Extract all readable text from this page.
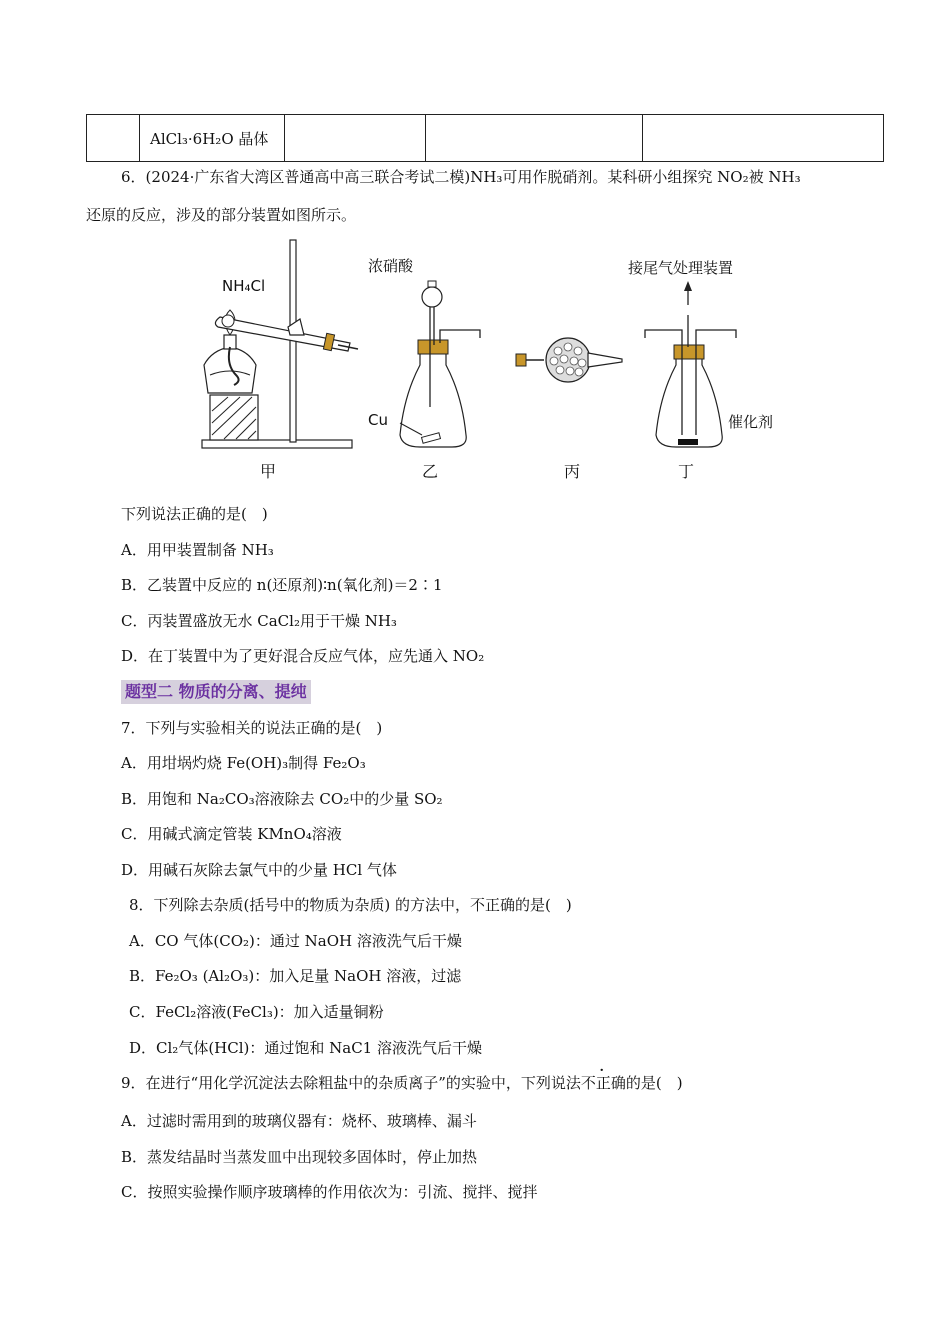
	AlCl₃·6H₂O 晶体			
6．(2024·广东省大湾区普通高中高三联合考试二模)NH₃可用作脱硝剂。某科研小组探究 NO₂被 NH₃
还原的反应，涉及的部分装置如图所示。
NH₄Cl
甲
浓硝酸
Cu
乙	丙
接尾气处理装置
催化剂
丁
下列说法正确的是(　)
A．用甲装置制备 NH₃
B．乙装置中反应的 n(还原剂)∶n(氧化剂)＝2∶1
C．丙装置盛放无水 CaCl₂用于干燥 NH₃
D．在丁装置中为了更好混合反应气体，应先通入 NO₂
题型二 物质的分离、提纯
7．下列与实验相关的说法正确的是(　)
A．用坩埚灼烧 Fe(OH)₃制得 Fe₂O₃
B．用饱和 Na₂CO₃溶液除去 CO₂中的少量 SO₂
C．用碱式滴定管装 KMnO₄溶液
D．用碱石灰除去氯气中的少量 HCl 气体
8．下列除去杂质(括号中的物质为杂质) 的方法中，不正确的是(　)
A．CO 气体(CO₂)：通过 NaOH 溶液洗气后干燥
B．Fe₂O₃ (Al₂O₃)：加入足量 NaOH 溶液，过滤
C．FeCl₂溶液(FeCl₃)：加入适量铜粉
D．Cl₂气体(HCl)：通过饱和 NaC1 溶液洗气后干燥
9．在进行“用化学沉淀法去除粗盐中的杂质离子”的实验中，下列说法不正确的是(　)
A．过滤时需用到的玻璃仪器有：烧杯、玻璃棒、漏斗
B．蒸发结晶时当蒸发皿中出现较多固体时，停止加热
C．按照实验操作顺序玻璃棒的作用依次为：引流、搅拌、搅拌
